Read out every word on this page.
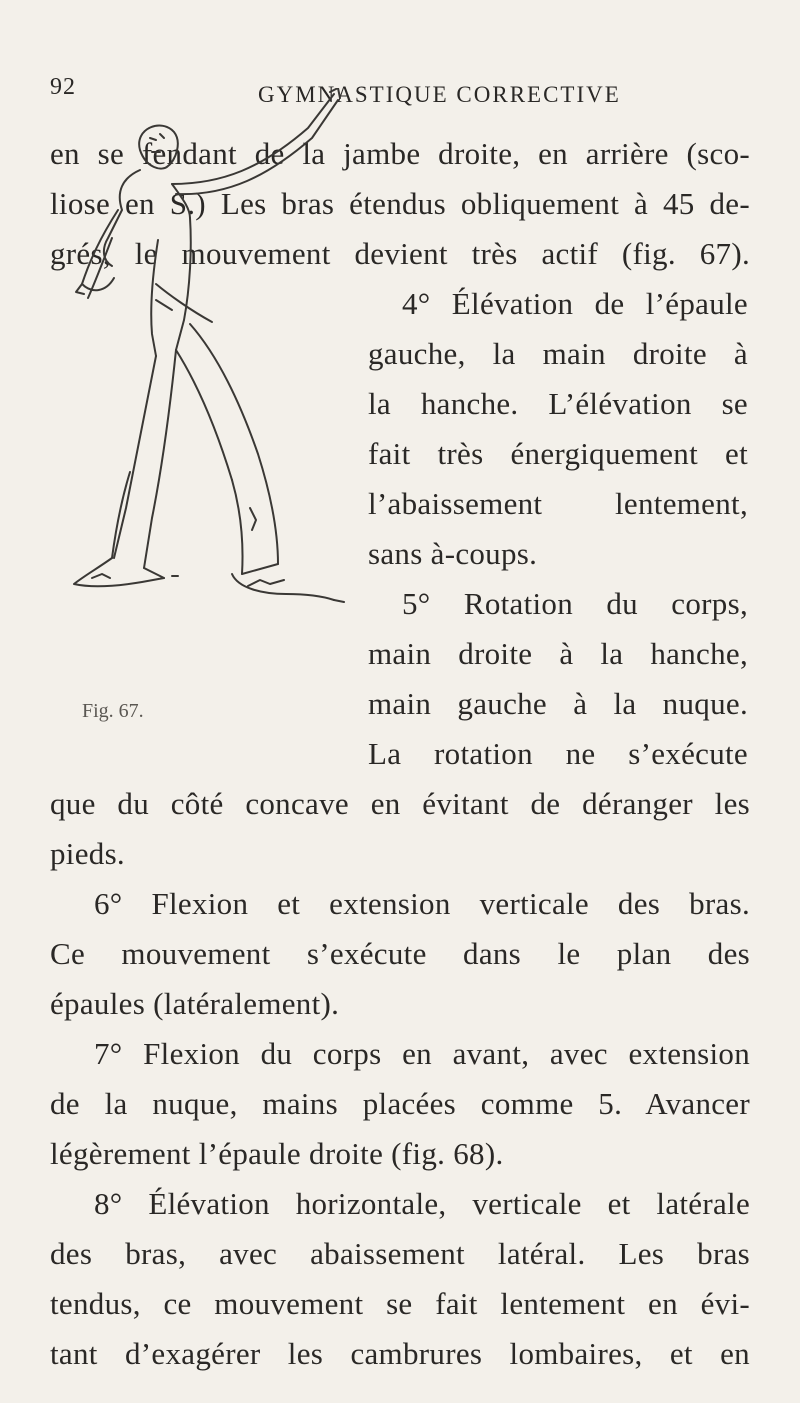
92	GYMNASTIQUE CORRECTIVE
en se fendant de la jambe droite, en arrière (sco-
liose en S.) Les bras étendus obliquement à 45 de-
grés, le mouvement devient très actif (fig. 67).
Fig. 67.
4° Élévation de l’épaule
gauche, la main droite à
la hanche. L’élévation se
fait très énergiquement et
l’abaissement lentement,
sans à-coups.
5° Rotation du corps,
main droite à la hanche,
main gauche à la nuque.
La rotation ne s’exécute
que du côté concave en évitant de déranger les
pieds.
6° Flexion et extension verticale des bras.
Ce mouvement s’exécute dans le plan des
épaules (latéralement).
7° Flexion du corps en avant, avec extension
de la nuque, mains placées comme 5. Avancer
légèrement l’épaule droite (fig. 68).
8° Élévation horizontale, verticale et latérale
des bras, avec abaissement latéral. Les bras
tendus, ce mouvement se fait lentement en évi-
tant d’exagérer les cambrures lombaires, et en
